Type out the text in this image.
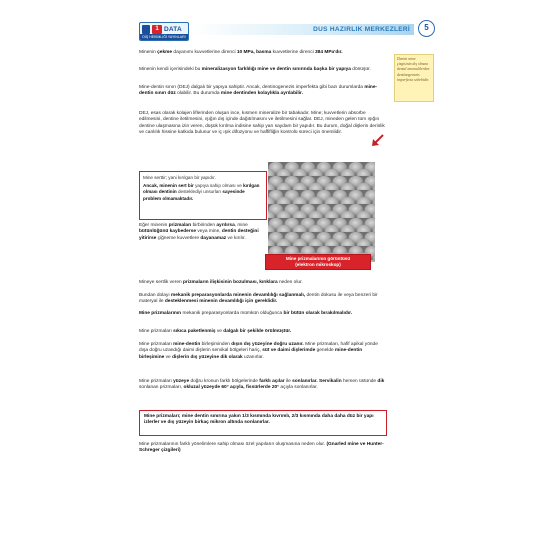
1 DATA
DİŞ HEKİMLİĞİ YAYINLARI
DUS HAZIRLIK MERKEZLERİ	5
Dentin mine çizgisinin dış olması dental anomalilerden dentinogenezis imperfecta sebebidir.

Minenin çekme dayanımı kuvvetlerine direnci 10 MPa, basma kuvvetlerine direnci 384 MPa'dır.

Minenin kendi içerisindeki bu mineralizasyon farklılığı mine ve dentin sınırında başka bir yapıya dönüşür.

Mine-dentin sınırı (DEJ) dalgalı bir yapıya sahiptir. Ancak, dentinogenezis imperfekta gibi bazı durumlarda mine-dentin sınırı düz olabilir. Bu durumda mine dentinden kolaylıkla ayrılabilir.

DEJ, esas olarak kolajen liflerinden oluşan ince, kısmen mineralize bir tabakadır. Mine; kuvvetlerin absorbe edilmesini, dentine iletilmesini, ışığın dış içinde dağıtılmasını ve iletilmesini sağlar. DEJ, mineden gelen tüm ışığın dentine ulaşmasına izin veren, düşük kırılma indisine sahip yarı saydam bir yapıdır. Bu durum, doğal dişlerin derinlik ve canlılık hissine katkıda bulunur ve iç ışık difüzyonu ve haffifliğin kontrolü süreci için önemlidir.

Mine serttir; yani kırılgan bir yapıdır.
Ancak, minenin sert bir yapıya sahip olması ve kırılgan olması dentinin desteklediyi unsurları sayesinde problem olmamaktadır.
Mine prizmalarının görüntüsü
(elektron mikroskop)

Eğer minenin prizmaları birbirinden ayrılırsa, mine bütünlüğünü kaybederse veya mine, dentin desteğini yitirirse çiğneme kuvvetlere dayanamaz ve kırılır.

Mineye sertlik veren prizmaların ilişkisinin bozulması, kırıklara neden olur.

Bundan dolayı mekanik preparasyonlarda minenin devamlılığı sağlanmalı, dentin dokusu ile veya benzeri bir materyal ile desteklenmesi minenin devamlılığı için gereklidir.

Mine prizmalarının mekanik preparasyonlarda mümkün olduğunca bir bütün olarak bırakılmalıdır.

Mine prizmaları sıkıca paketlenmiş ve dalgalı bir şekilde örülmüştür.

Mine prizmaları mine-dentin birleşiminden dışın dış yüzeyine doğru uzanır. Mine prizmaları, hafif apikal yönde dışa doğru uzandığı daimi dişlerin servikal bölgeleri hariç, süt ve daimi dişlerimde genelde mine-dentin birleşimine ve dişlerin dış yüzeyine dik olarak uzanırlar.

Mine prizmaları yüzeye doğru kronun farklı bölgelerinde farklı açılar ile sonlanırlar. Servikalin hemen üstünde dik sonlanan prizmaları, okluzal yüzeyde 60° açıyla, fissürlerde 20° açıyla sonlanırlar.

Mine prizmaları; mine dentin sınırına yakın 1/3 kısmında kıvrımlı, 2/3 kısmında daha daha düz bir yapı izlerler ve dış yüzeyin birkaç mikron altında sonlanırlar.

Mine prizmalarının farklı yönelimlere sahip olması özel yapıların oluşmasına neden olur. (Gnarled mine ve Hunter-Schreger çizgileri)
